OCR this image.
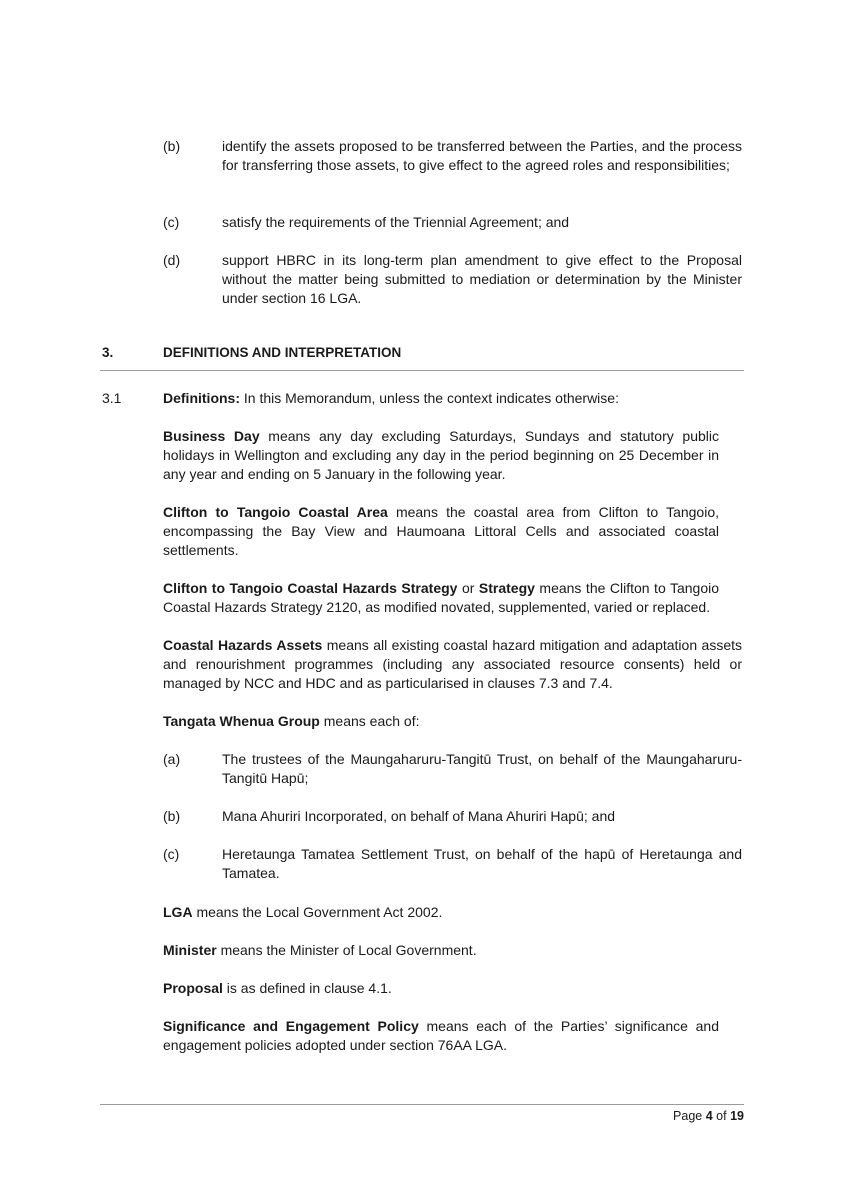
(b)	identify the assets proposed to be transferred between the Parties, and the process for transferring those assets, to give effect to the agreed roles and responsibilities;
(c)	satisfy the requirements of the Triennial Agreement; and
(d)	support HBRC in its long-term plan amendment to give effect to the Proposal without the matter being submitted to mediation or determination by the Minister under section 16 LGA.
3.	DEFINITIONS AND INTERPRETATION
3.1	Definitions: In this Memorandum, unless the context indicates otherwise:
Business Day means any day excluding Saturdays, Sundays and statutory public holidays in Wellington and excluding any day in the period beginning on 25 December in any year and ending on 5 January in the following year.
Clifton to Tangoio Coastal Area means the coastal area from Clifton to Tangoio, encompassing the Bay View and Haumoana Littoral Cells and associated coastal settlements.
Clifton to Tangoio Coastal Hazards Strategy or Strategy means the Clifton to Tangoio Coastal Hazards Strategy 2120, as modified novated, supplemented, varied or replaced.
Coastal Hazards Assets means all existing coastal hazard mitigation and adaptation assets and renourishment programmes (including any associated resource consents) held or managed by NCC and HDC and as particularised in clauses 7.3 and 7.4.
Tangata Whenua Group means each of:
(a)	The trustees of the Maungaharuru-Tangitū Trust, on behalf of the Maungaharuru-Tangitū Hapū;
(b)	Mana Ahuriri Incorporated, on behalf of Mana Ahuriri Hapū; and
(c)	Heretaunga Tamatea Settlement Trust, on behalf of the hapū of Heretaunga and Tamatea.
LGA means the Local Government Act 2002.
Minister means the Minister of Local Government.
Proposal is as defined in clause 4.1.
Significance and Engagement Policy means each of the Parties’ significance and engagement policies adopted under section 76AA LGA.
Page 4 of 19
